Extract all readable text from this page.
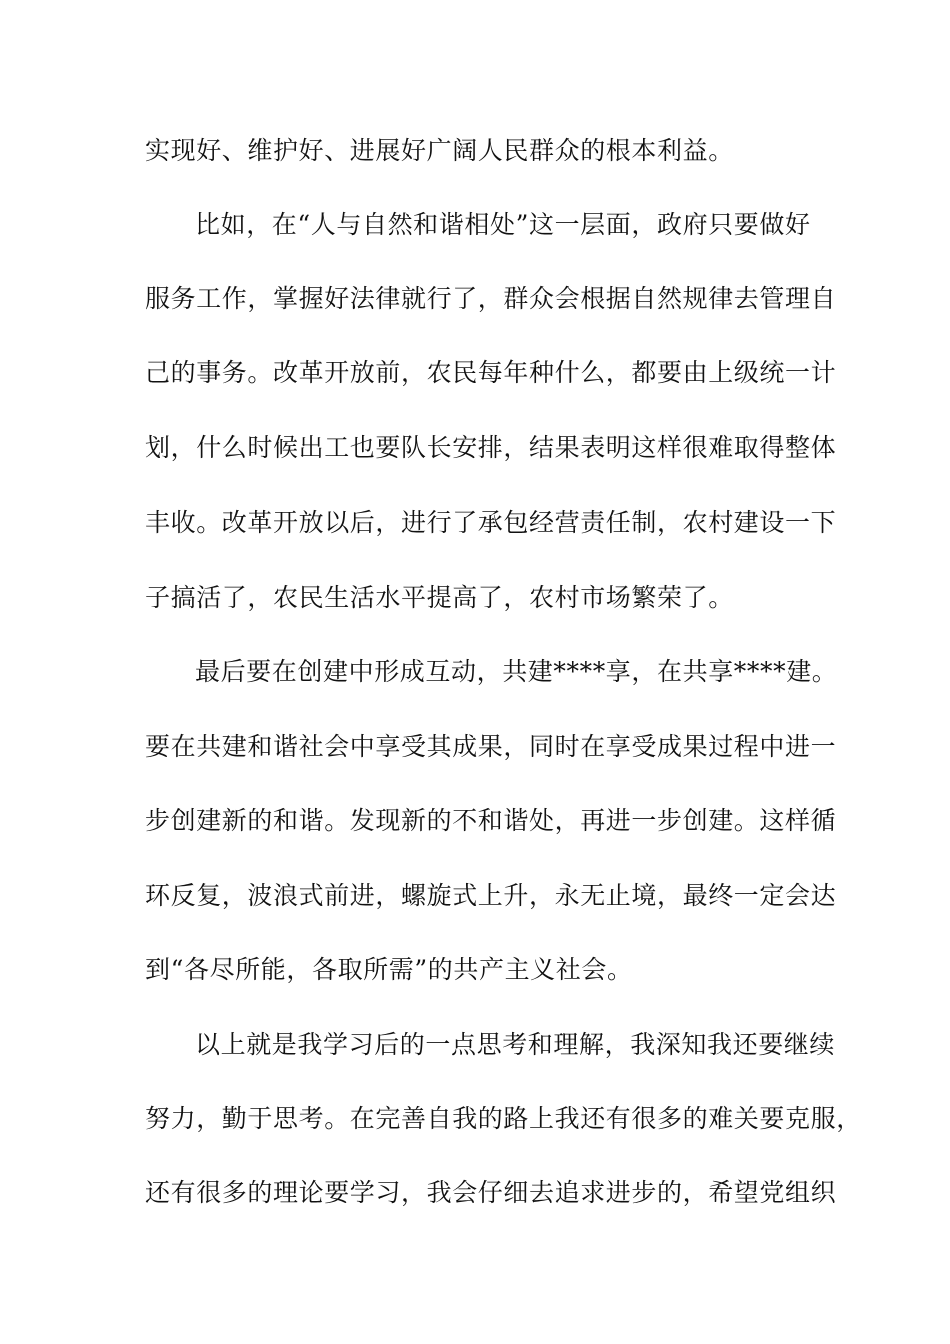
实现好、维护好、进展好广阔人民群众的根本利益。
比如，在“人与自然和谐相处”这一层面，政府只要做好
服务工作，掌握好法律就行了，群众会根据自然规律去管理自
己的事务。改革开放前，农民每年种什么，都要由上级统一计
划，什么时候出工也要队长安排，结果表明这样很难取得整体
丰收。改革开放以后，进行了承包经营责任制，农村建设一下
子搞活了，农民生活水平提高了，农村市场繁荣了。
最后要在创建中形成互动，共建****享，在共享****建。
要在共建和谐社会中享受其成果，同时在享受成果过程中进一
步创建新的和谐。发现新的不和谐处，再进一步创建。这样循
环反复，波浪式前进，螺旋式上升，永无止境，最终一定会达
到“各尽所能，各取所需”的共产主义社会。
以上就是我学习后的一点思考和理解，我深知我还要继续
努力，勤于思考。在完善自我的路上我还有很多的难关要克服，
还有很多的理论要学习，我会仔细去追求进步的，希望党组织
